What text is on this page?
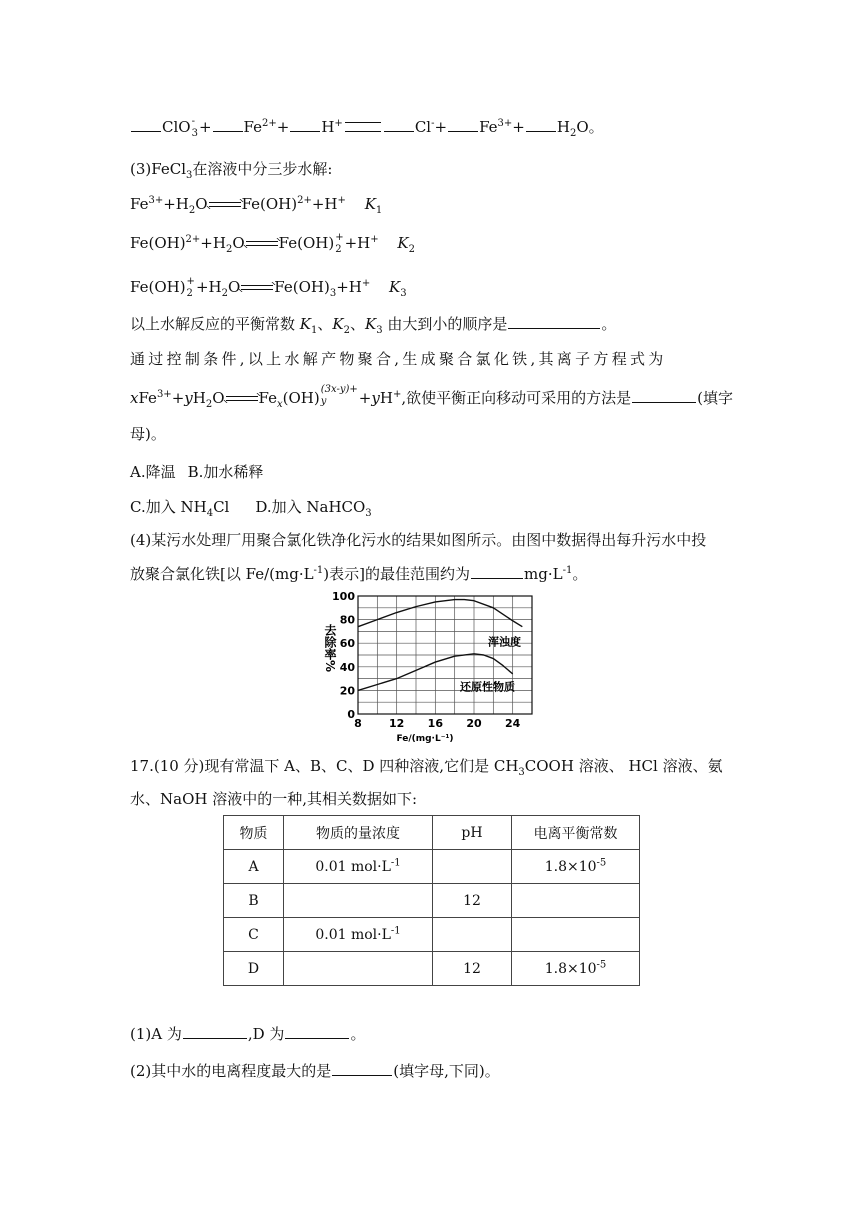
ClO -
$3 + Fe^{2+}+ H^+$	$Cl^-+ Fe^{3+}+ H_2O$。
(3)FeCl$_3$在溶液中分三步水解:
$Fe^{3+}+H_2O$ Fe(OH)$^{2+}$+H+ $K_1$
$Fe(OH)^{2+}+H_2O$ Fe(OH) +
2 +H+ $K_2$
Fe(OH) +
$2 +H_2O$ $Fe(OH)_3+H^+$ $K_3$
以上水解反应的平衡常数 $K_1$、$K_2$、$K_3$ 由大到小的顺序是	。
通过控制条件,以上水解产物聚合,生成聚合氯化铁,其离子方程式为
$xFe^{3+}+yH_2O$ $Fe_x(OH)$ (3x-y)+
y	+yH+,欲使平衡正向移动可采用的方法是	(填字
母)。
A.降温 B.加水稀释
C.加入 $NH_4Cl$ D.加入 NaHCO$_3$
(4)某污水处理厂用聚合氯化铁净化污水的结果如图所示。由图中数据得出每升污水中投
放聚合氯化铁[以 $Fe/(mg\cdot L^{-1})$表示]的最佳范围约为	$mg\cdot L^{-1}$。
0
20
40
60
80
100
8 12 16 20 24
Fe/(mg·L⁻¹)
去除率%	浑浊度
还原性物质
17.(10 分)现有常温下 A、B、C、D 四种溶液,它们是 $CH_3COOH$ 溶液、 HCl 溶液、氨
水、NaOH 溶液中的一种,其相关数据如下:
物质	物质的量浓度	pH	电离平衡常数
A	0.01 $mol\cdot L^{-1}$		$1.8\times 10^{-5}$
B		12	
C	0.01 $mol\cdot L^{-1}$		
D		12	$1.8\times 10^{-5}$
(1)A 为	,D 为	。
(2)其中水的电离程度最大的是	(填字母,下同)。
